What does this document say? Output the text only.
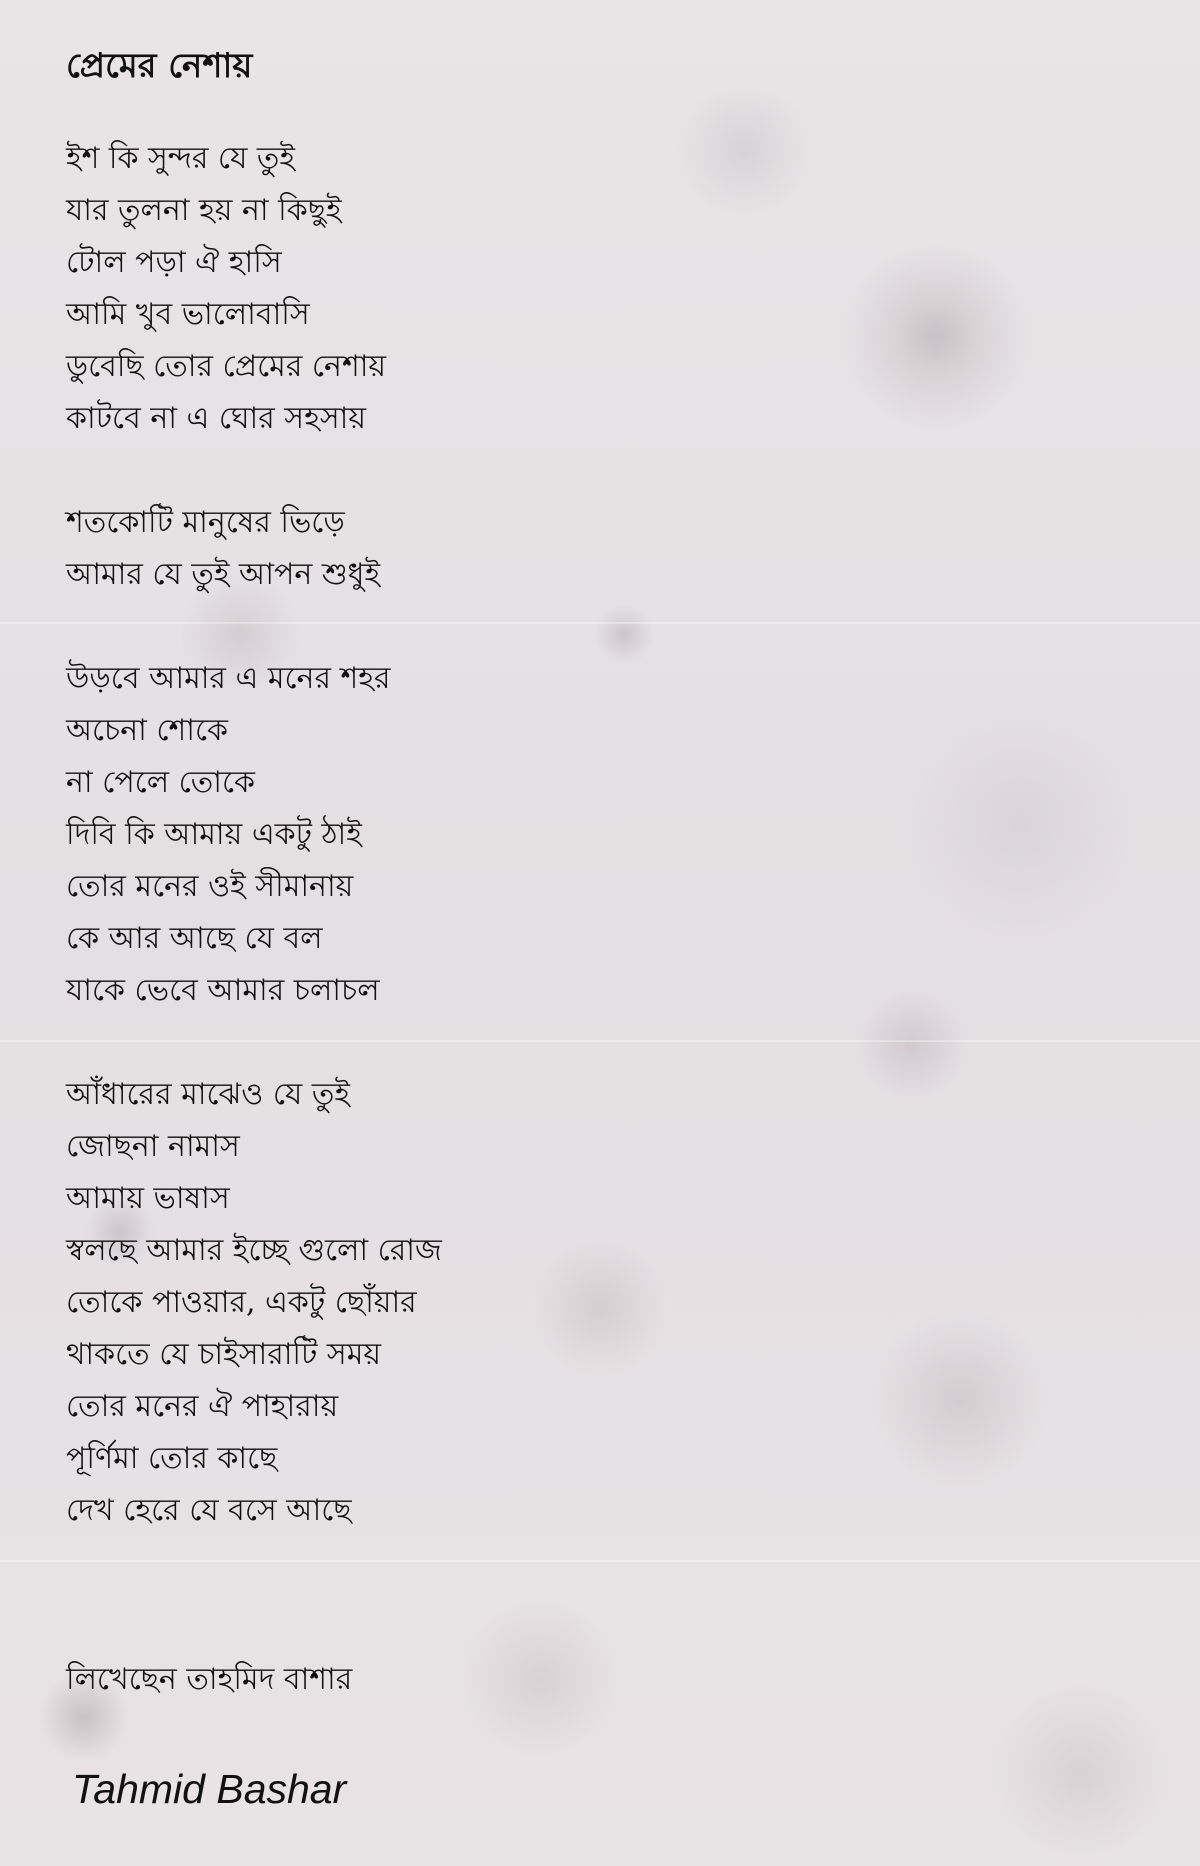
প্রেমের নেশায়
ইশ কি সুন্দর যে তুই
যার তুলনা হয় না কিছুই
টোল পড়া ঐ হাসি
আমি খুব ভালোবাসি
ডুবেছি তোর প্রেমের নেশায়
কাটবে না এ ঘোর সহসায়
শতকোটি মানুষের ভিড়ে
আমার যে তুই আপন শুধুই
উড়বে আমার এ মনের শহর
অচেনা শোকে
না পেলে তোকে
দিবি কি আমায় একটু ঠাই
তোর মনের ওই সীমানায়
কে আর আছে যে বল
যাকে ভেবে আমার চলাচল
আঁধারের মাঝেও যে তুই
জোছনা নামাস
আমায় ভাষাস
স্বলছে আমার ইচ্ছে গুলো রোজ
তোকে পাওয়ার, একটু ছোঁয়ার
থাকতে যে চাইসারাটি সময়
তোর মনের ঐ পাহারায়
পূর্ণিমা তোর কাছে
দেখ হেরে যে বসে আছে
লিখেছেন তাহমিদ বাশার
Tahmid Bashar
